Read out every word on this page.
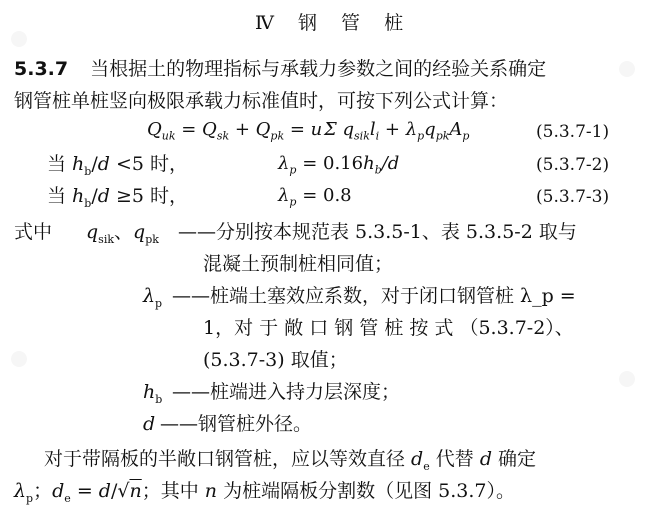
Ⅳ 钢 管 桩
5.3.7 当根据土的物理指标与承载力参数之间的经验关系确定
钢管桩单桩竖向极限承载力标准值时，可按下列公式计算：
$Q_{uk} = Q_{sk} + Q_{pk} = u$ Σ $q_{sik}l_i + \lambda_pq_{pk}A_p$	(5.3.7-1)
当 $h_b/d <5$ 时，	$\lambda_p = 0.16h_b/d$	(5.3.7-2)
当 $h_b/d \ge 5$ 时，	$\lambda_p = 0.8$	(5.3.7-3)
式中 $q_{sik}$、$q_{pk}$ ——分别按本规范表 5.3.5-1、表 5.3.5-2 取与
混凝土预制桩相同值；
$\lambda_p$ ——桩端土塞效应系数，对于闭口钢管桩 λ_p =
1，对 于 敞 口 钢 管 桩 按 式 （5.3.7-2）、
(5.3.7-3) 取值；
$h_b$ ——桩端进入持力层深度；
d ——钢管桩外径。
对于带隔板的半敞口钢管桩，应以等效直径 $d_e$ 代替 d 确定
$\lambda_p$；$d_e = d/√n$；其中 n 为桩端隔板分割数（见图 5.3.7）。
